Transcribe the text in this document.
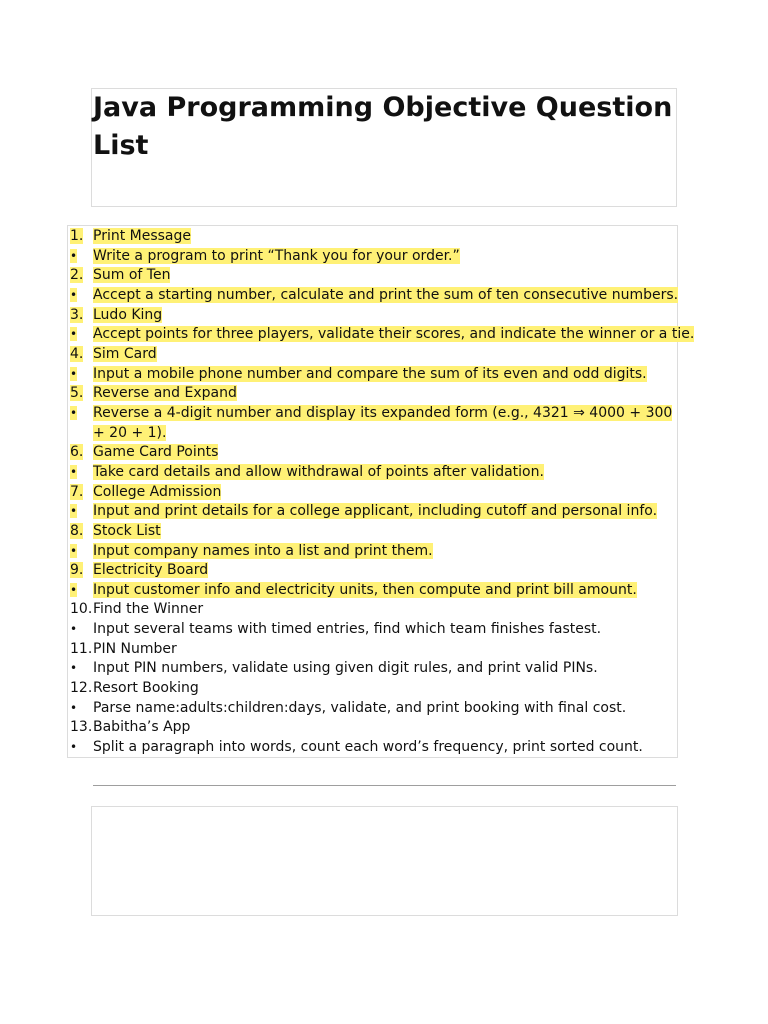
Java Programming Objective Question List
1. Print Message
•	Write a program to print “Thank you for your order.”
2. Sum of Ten
•	Accept a starting number, calculate and print the sum of ten consecutive numbers.
3. Ludo King
•	Accept points for three players, validate their scores, and indicate the winner or a tie.
4. Sim Card
•	Input a mobile phone number and compare the sum of its even and odd digits.
5. Reverse and Expand
•	Reverse a 4-digit number and display its expanded form (e.g., 4321 ⇒ 4000 + 300 + 20 + 1).
6. Game Card Points
•	Take card details and allow withdrawal of points after validation.
7. College Admission
•	Input and print details for a college applicant, including cutoff and personal info.
8. Stock List
•	Input company names into a list and print them.
9. Electricity Board
•	Input customer info and electricity units, then compute and print bill amount.
10. Find the Winner
•	Input several teams with timed entries, find which team finishes fastest.
11. PIN Number
•	Input PIN numbers, validate using given digit rules, and print valid PINs.
12. Resort Booking
•	Parse name:adults:children:days, validate, and print booking with final cost.
13. Babitha’s App
•	Split a paragraph into words, count each word’s frequency, print sorted count.
